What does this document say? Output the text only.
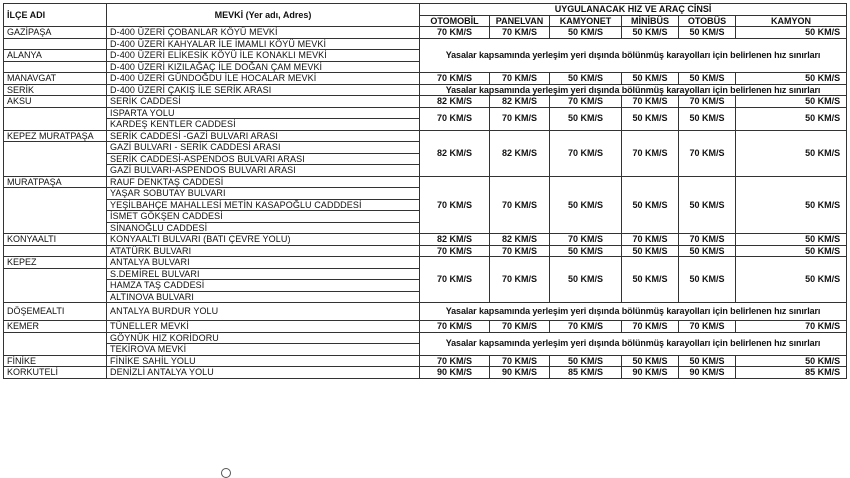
İLÇE ADI	MEVKİ (Yer adı, Adres)	UYGULANACAK HIZ VE ARAÇ CİNSİ					
		OTOMOBİL	PANELVAN	KAMYONET	MİNİBÜS	OTOBÜS	KAMYON
GAZİPAŞA	D-400 ÜZERİ ÇOBANLAR KÖYÜ MEVKİ	70 KM/S	70 KM/S	50 KM/S	50 KM/S	50 KM/S	50 KM/S
	D-400 ÜZERİ KAHYALAR İLE İMAMLI KÖYÜ MEVKİ	Yasalar kapsamında yerleşim yeri dışında bölünmüş karayolları için belirlenen hız sınırları					
ALANYA	D-400 ÜZERİ ELİKESİK KÖYÜ İLE KONAKLI MEVKİ						
	D-400 ÜZERİ KIZILAĞAÇ İLE DOĞAN ÇAM MEVKİ						
MANAVGAT	D-400 ÜZERİ GÜNDOĞDU İLE HOCALAR MEVKİ	70 KM/S	70 KM/S	50 KM/S	50 KM/S	50 KM/S	50 KM/S
SERİK	D-400 ÜZERİ ÇAKIŞ İLE SERİK ARASI	Yasalar kapsamında yerleşim yeri dışında bölünmüş karayolları için belirlenen hız sınırları					
AKSU	SERİK CADDESİ	82 KM/S	82 KM/S	70 KM/S	70 KM/S	70 KM/S	50 KM/S
	ISPARTA YOLU	70 KM/S	70 KM/S	50 KM/S	50 KM/S	50 KM/S	50 KM/S
	KARDEŞ KENTLER CADDESİ						
KEPEZ MURATPAŞA	SERİK CADDESİ -GAZİ BULVARI ARASI	82 KM/S	82 KM/S	70 KM/S	70 KM/S	70 KM/S	50 KM/S
	GAZİ BULVARI - SERİK CADDESİ ARASI						
	SERİK CADDESİ-ASPENDOS BULVARI ARASI						
	GAZİ BULVARI-ASPENDOS BULVARI ARASI						
MURATPAŞA	RAUF DENKTAŞ CADDESİ	70 KM/S	70 KM/S	50 KM/S	50 KM/S	50 KM/S	50 KM/S
	YAŞAR SOBUTAY BULVARI						
	YEŞİLBAHÇE MAHALLESİ METİN KASAPOĞLU CADDDESİ						
	İSMET GÖKŞEN CADDESİ						
	SİNANOĞLU CADDESİ						
KONYAALTI	KONYAALTI BULVARI (BATI ÇEVRE YOLU)	82 KM/S	82 KM/S	70 KM/S	70 KM/S	70 KM/S	50 KM/S
	ATATÜRK BULVARI	70 KM/S	70 KM/S	50 KM/S	50 KM/S	50 KM/S	50 KM/S
KEPEZ	ANTALYA BULVARI	70 KM/S	70 KM/S	50 KM/S	50 KM/S	50 KM/S	50 KM/S
	S.DEMİREL BULVARI						
	HAMZA TAŞ CADDESİ						
	ALTINOVA BULVARI						
DÖŞEMEALTI	ANTALYA BURDUR YOLU	Yasalar kapsamında yerleşim yeri dışında bölünmüş karayolları için belirlenen hız sınırları					
KEMER	TÜNELLER MEVKİ	70 KM/S	70 KM/S	70 KM/S	70 KM/S	70 KM/S	70 KM/S
	GÖYNÜK HIZ KORİDORU	Yasalar kapsamında yerleşim yeri dışında bölünmüş karayolları için belirlenen hız sınırları					
	TEKİROVA MEVKİ						
FİNİKE	FİNİKE SAHİL YOLU	70 KM/S	70 KM/S	50 KM/S	50 KM/S	50 KM/S	50 KM/S
KORKUTELİ	DENİZLİ ANTALYA YOLU	90 KM/S	90 KM/S	85 KM/S	90 KM/S	90 KM/S	85 KM/S
